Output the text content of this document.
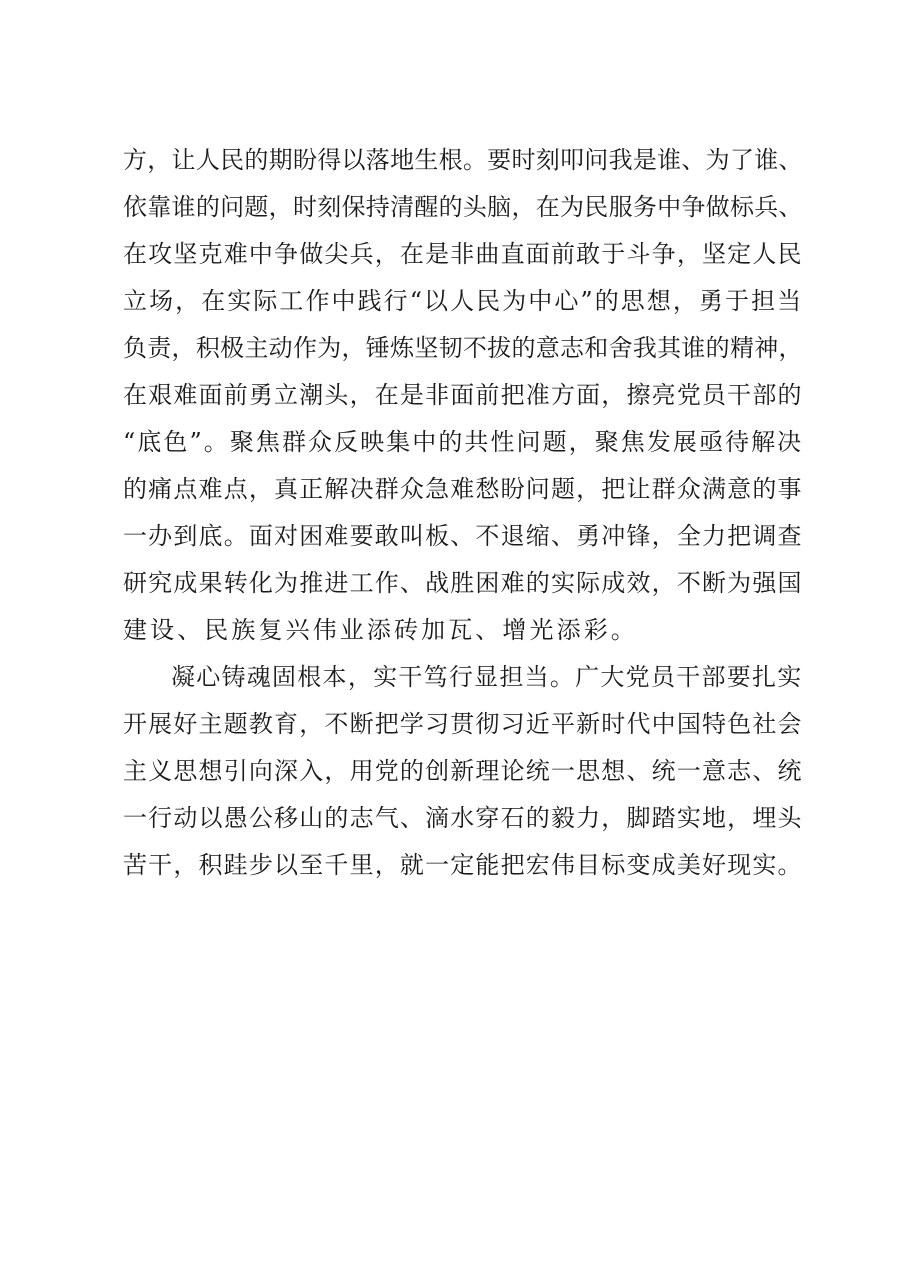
方，让人民的期盼得以落地生根。要时刻叩问我是谁、为了谁、
依靠谁的问题，时刻保持清醒的头脑，在为民服务中争做标兵、
在攻坚克难中争做尖兵，在是非曲直面前敢于斗争，坚定人民
立场，在实际工作中践行“以人民为中心”的思想，勇于担当
负责，积极主动作为，锤炼坚韧不拔的意志和舍我其谁的精神，
在艰难面前勇立潮头，在是非面前把准方面，擦亮党员干部的
“底色”。聚焦群众反映集中的共性问题，聚焦发展亟待解决
的痛点难点，真正解决群众急难愁盼问题，把让群众满意的事
一办到底。面对困难要敢叫板、不退缩、勇冲锋，全力把调查
研究成果转化为推进工作、战胜困难的实际成效，不断为强国
建设、民族复兴伟业添砖加瓦、增光添彩。
凝心铸魂固根本，实干笃行显担当。广大党员干部要扎实
开展好主题教育，不断把学习贯彻习近平新时代中国特色社会
主义思想引向深入，用党的创新理论统一思想、统一意志、统
一行动以愚公移山的志气、滴水穿石的毅力，脚踏实地，埋头
苦干，积跬步以至千里，就一定能把宏伟目标变成美好现实。
